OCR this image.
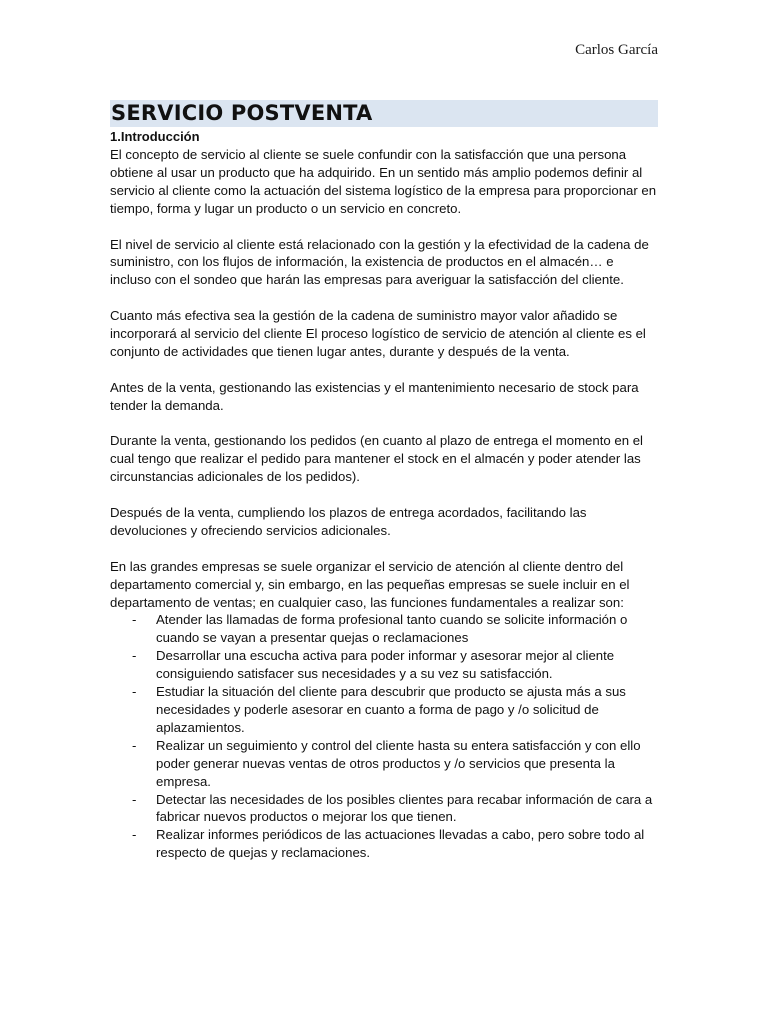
Carlos García
SERVICIO POSTVENTA
1.Introducción

El concepto de servicio al cliente se suele confundir con la satisfacción que una persona obtiene al usar un producto que ha adquirido. En un sentido más amplio podemos definir al servicio al cliente como la actuación del sistema logístico de la empresa para proporcionar en tiempo, forma y lugar un producto o un servicio en concreto.

El nivel de servicio al cliente está relacionado con la gestión y la efectividad de la cadena de suministro, con los flujos de información, la existencia de productos en el almacén… e incluso con el sondeo que harán las empresas para averiguar la satisfacción del cliente.

Cuanto más efectiva sea la gestión de la cadena de suministro mayor valor añadido se incorporará al servicio del cliente El proceso logístico de servicio de atención al cliente es el conjunto de actividades que tienen lugar antes, durante y después de la venta.

Antes de la venta, gestionando las existencias y el mantenimiento necesario de stock para tender la demanda.

Durante la venta, gestionando los pedidos (en cuanto al plazo de entrega el momento en el cual tengo que realizar el pedido para mantener el stock en el almacén y poder atender las circunstancias adicionales de los pedidos).

Después de la venta, cumpliendo los plazos de entrega acordados, facilitando las devoluciones y ofreciendo servicios adicionales.

En las grandes empresas se suele organizar el servicio de atención al cliente dentro del departamento comercial y, sin embargo, en las pequeñas empresas se suele incluir en el departamento de ventas; en cualquier caso, las funciones fundamentales a realizar son:

- Atender las llamadas de forma profesional tanto cuando se solicite información o cuando se vayan a presentar quejas o reclamaciones
- Desarrollar una escucha activa para poder informar y asesorar mejor al cliente consiguiendo satisfacer sus necesidades y a su vez su satisfacción.
- Estudiar la situación del cliente para descubrir que producto se ajusta más a sus necesidades y poderle asesorar en cuanto a forma de pago y /o solicitud de aplazamientos.
- Realizar un seguimiento y control del cliente hasta su entera satisfacción y con ello poder generar nuevas ventas de otros productos y /o servicios que presenta la empresa.
- Detectar las necesidades de los posibles clientes para recabar información de cara a fabricar nuevos productos o mejorar los que tienen.
- Realizar informes periódicos de las actuaciones llevadas a cabo, pero sobre todo al respecto de quejas y reclamaciones.
